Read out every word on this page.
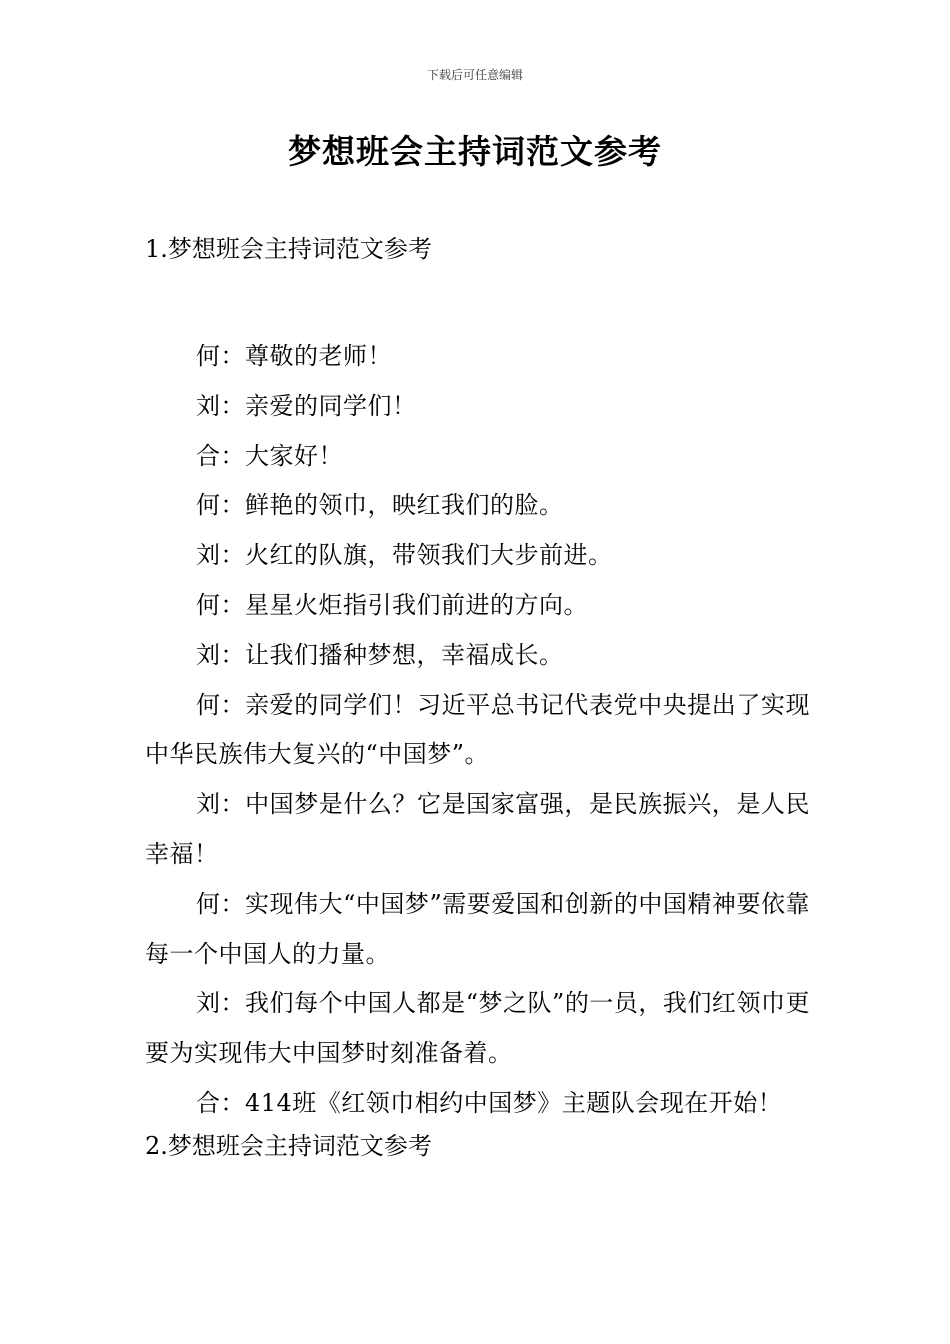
下载后可任意编辑
梦想班会主持词范文参考
1.梦想班会主持词范文参考

何：尊敬的老师！

刘：亲爱的同学们！

合：大家好！

何：鲜艳的领巾，映红我们的脸。

刘：火红的队旗，带领我们大步前进。

何：星星火炬指引我们前进的方向。

刘：让我们播种梦想，幸福成长。

何：亲爱的同学们！习近平总书记代表党中央提出了实现中华民族伟大复兴的“中国梦”。

刘：中国梦是什么？它是国家富强，是民族振兴，是人民幸福！

何：实现伟大“中国梦”需要爱国和创新的中国精神要依靠每一个中国人的力量。

刘：我们每个中国人都是“梦之队”的一员，我们红领巾更要为实现伟大中国梦时刻准备着。

合：414班《红领巾相约中国梦》主题队会现在开始！

2.梦想班会主持词范文参考
